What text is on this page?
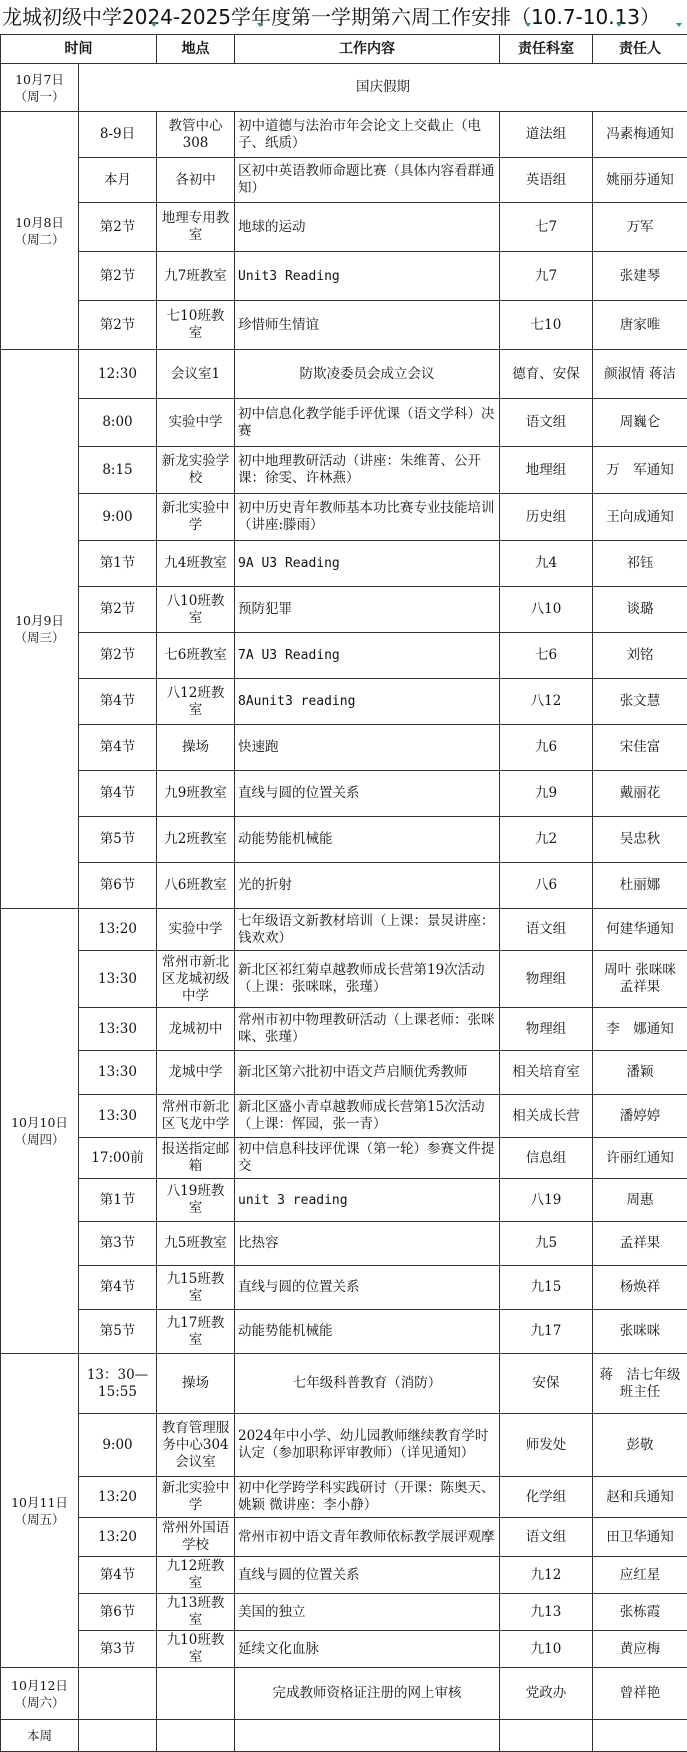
龙城初级中学2024-2025学年度第一学期第六周工作安排（10.7-10.13）
时间		地点	工作内容	责任科室	责任人
10月7日
（周一）	国庆假期				
10月8日
（周二）	8-9日	教管中心308	初中道德与法治市年会论文上交截止（电子、纸质）	道法组	冯素梅通知
	本月	各初中	区初中英语教师命题比赛（具体内容看群通知）	英语组	姚丽芬通知
	第2节	地理专用教室	地球的运动	七7	万军
	第2节	九7班教室	Unit3 Reading	九7	张建琴
	第2节	七10班教室	珍惜师生情谊	七10	唐家唯
10月9日
（周三）	12:30	会议室1	防欺凌委员会成立会议	德育、安保	颜淑情 蒋洁
	8:00	实验中学	初中信息化教学能手评优课（语文学科）决赛	语文组	周巍仑
	8:15	新龙实验学校	初中地理教研活动（讲座：朱维菁、公开课：徐雯、许林燕）	地理组	万　军通知
	9:00	新北实验中学	初中历史青年教师基本功比赛专业技能培训（讲座:滕雨）	历史组	王向成通知
	第1节	九4班教室	9A U3 Reading	九4	祁钰
	第2节	八10班教室	预防犯罪	八10	谈璐
	第2节	七6班教室	7A U3 Reading	七6	刘铭
	第4节	八12班教室	8Aunit3 reading	八12	张文慧
	第4节	操场	快速跑	九6	宋佳富
	第4节	九9班教室	直线与圆的位置关系	九9	戴丽花
	第5节	九2班教室	动能势能机械能	九2	吴忠秋
	第6节	八6班教室	光的折射	八6	杜丽娜
10月10日
（周四）	13:20	实验中学	七年级语文新教材培训（上课：景炅讲座：钱欢欢）	语文组	何建华通知
	13:30	常州市新北区龙城初级中学	新北区祁红菊卓越教师成长营第19次活动（上课：张咪咪，张瑾）	物理组	周叶 张咪咪 孟祥果
	13:30	龙城初中	常州市初中物理教研活动（上课老师：张咪咪、张瑾）	物理组	李　娜通知
	13:30	龙城中学	新北区第六批初中语文芦启顺优秀教师	相关培育室	潘颖
	13:30	常州市新北区飞龙中学	新北区盛小青卓越教师成长营第15次活动（上课：恽园，张一青）	相关成长营	潘婷婷
	17:00前	报送指定邮箱	初中信息科技评优课（第一轮）参赛文件提交	信息组	许丽红通知
	第1节	八19班教室	unit 3 reading	八19	周惠
	第3节	九5班教室	比热容	九5	孟祥果
	第4节	九15班教室	直线与圆的位置关系	九15	杨焕祥
	第5节	九17班教室	动能势能机械能	九17	张咪咪
10月11日
（周五）	13：30—15:55	操场	七年级科普教育（消防）	安保	蒋　洁七年级班主任
	9:00	教育管理服务中心304会议室	2024年中小学、幼儿园教师继续教育学时认定（参加职称评审教师）（详见通知）	师发处	彭敬
	13:20	新北实验中学	初中化学跨学科实践研讨（开课：陈奥天、姚颖 微讲座：李小静）	化学组	赵和兵通知
	13:20	常州外国语学校	常州市初中语文青年教师依标教学展评观摩	语文组	田卫华通知
	第4节	九12班教室	直线与圆的位置关系	九12	应红星
	第6节	九13班教室	美国的独立	九13	张栋霞
	第3节	九10班教室	延续文化血脉	九10	黄应梅
10月12日
（周六）			完成教师资格证注册的网上审核	党政办	曾祥艳
本周					
